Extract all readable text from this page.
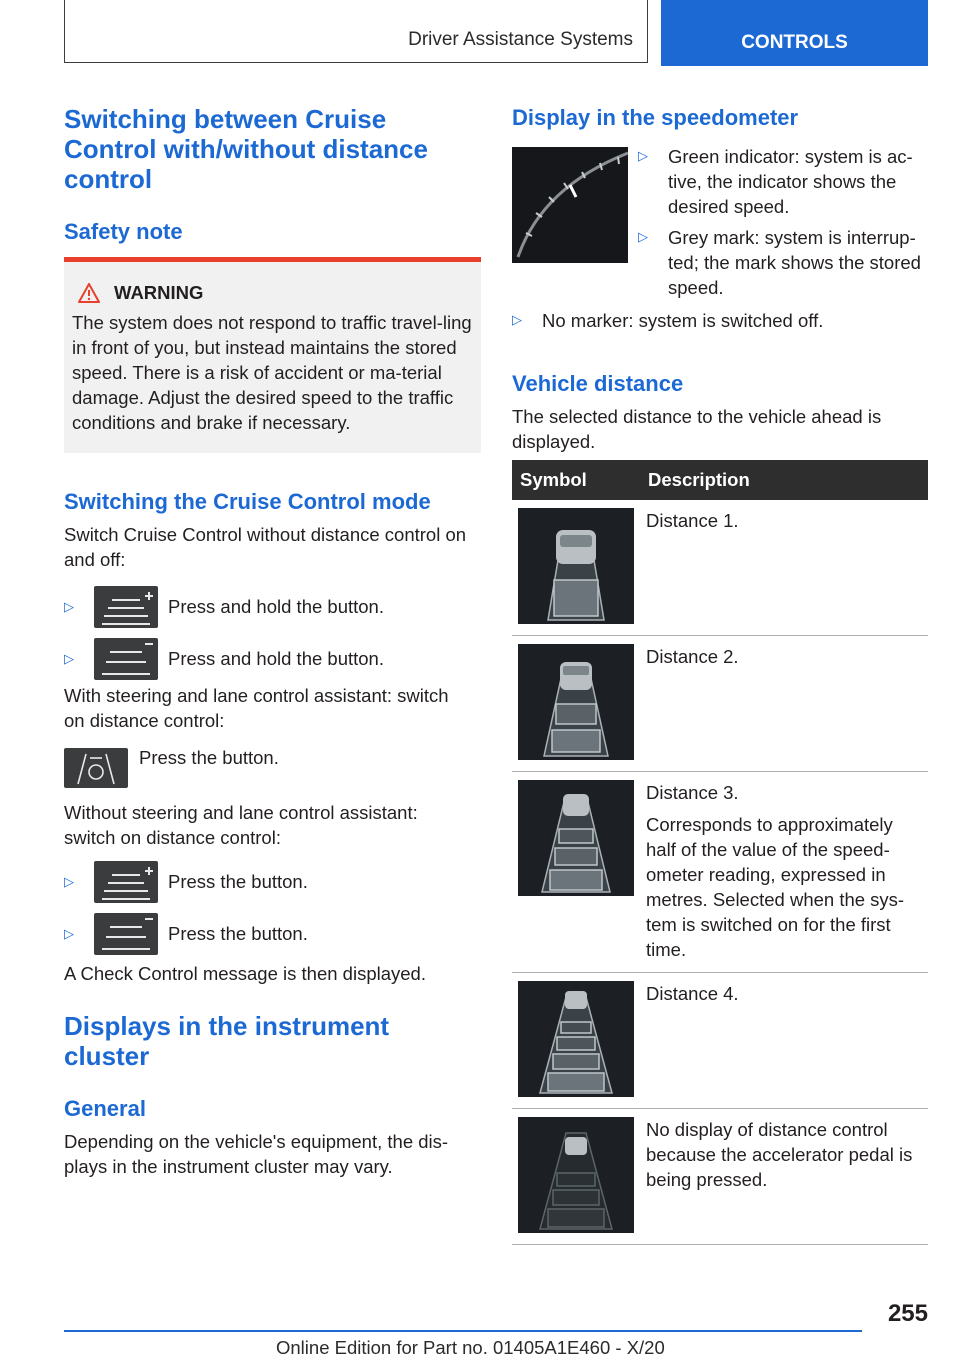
Driver Assistance Systems	CONTROLS
Switching between Cruise Control with/without distance control
Safety note
WARNING

The system does not respond to traffic travel-ling in front of you, but instead maintains the stored speed. There is a risk of accident or ma-terial damage. Adjust the desired speed to the traffic conditions and brake if necessary.

Switching the Cruise Control mode

Switch Cruise Control without distance control on and off:

▷	Press and hold the button.
▷	Press and hold the button.

With steering and lane control assistant: switch on distance control:

Press the button.

Without steering and lane control assistant: switch on distance control:

▷	Press the button.
▷	Press the button.

A Check Control message is then displayed.

Displays in the instrument cluster
General

Depending on the vehicle's equipment, the dis-plays in the instrument cluster may vary.

Display in the speedometer
▷	Green indicator: system is ac-tive, the indicator shows the desired speed.

▷	Grey mark: system is interrup-ted; the mark shows the stored speed.

▷	No marker: system is switched off.

Vehicle distance

The selected distance to the vehicle ahead is displayed.

Symbol	Description

Distance 1.

Distance 2.

Distance 3.
Corresponds to approximately half of the value of the speed-ometer reading, expressed in metres. Selected when the sys-tem is switched on for the first time.

Distance 4.

No display of distance control because the accelerator pedal is being pressed.
255
Online Edition for Part no. 01405A1E460 - X/20
